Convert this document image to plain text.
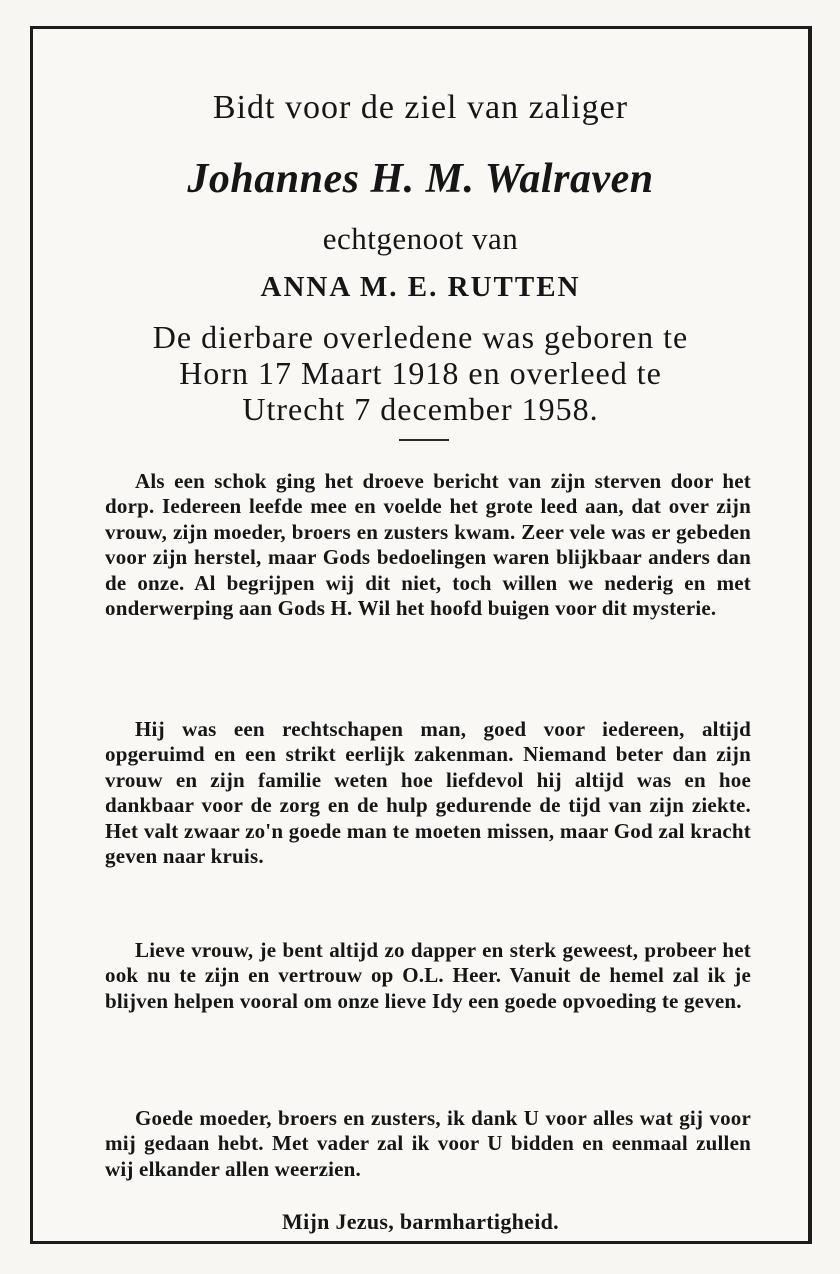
Bidt voor de ziel van zaliger
Johannes H. M. Walraven
echtgenoot van
ANNA M. E. RUTTEN
De dierbare overledene was geboren te
Horn 17 Maart 1918 en overleed te
Utrecht 7 december 1958.

Als een schok ging het droeve bericht van zijn sterven door het dorp. Iedereen leefde mee en voelde het grote leed aan, dat over zijn vrouw, zijn moeder, broers en zusters kwam. Zeer vele was er gebeden voor zijn herstel, maar Gods bedoelingen waren blijkbaar anders dan de onze. Al begrijpen wij dit niet, toch willen we nederig en met onderwerping aan Gods H. Wil het hoofd buigen voor dit mysterie.

Hij was een rechtschapen man, goed voor iedereen, altijd opgeruimd en een strikt eerlijk zakenman. Niemand beter dan zijn vrouw en zijn familie weten hoe liefdevol hij altijd was en hoe dankbaar voor de zorg en de hulp gedurende de tijd van zijn ziekte. Het valt zwaar zo'n goede man te moeten missen, maar God zal kracht geven naar kruis.

Lieve vrouw, je bent altijd zo dapper en sterk geweest, probeer het ook nu te zijn en vertrouw op O.L. Heer. Vanuit de hemel zal ik je blijven helpen vooral om onze lieve Idy een goede opvoeding te geven.

Goede moeder, broers en zusters, ik dank U voor alles wat gij voor mij gedaan hebt. Met vader zal ik voor U bidden en eenmaal zullen wij elkander allen weerzien.

Mijn Jezus, barmhartigheid.
